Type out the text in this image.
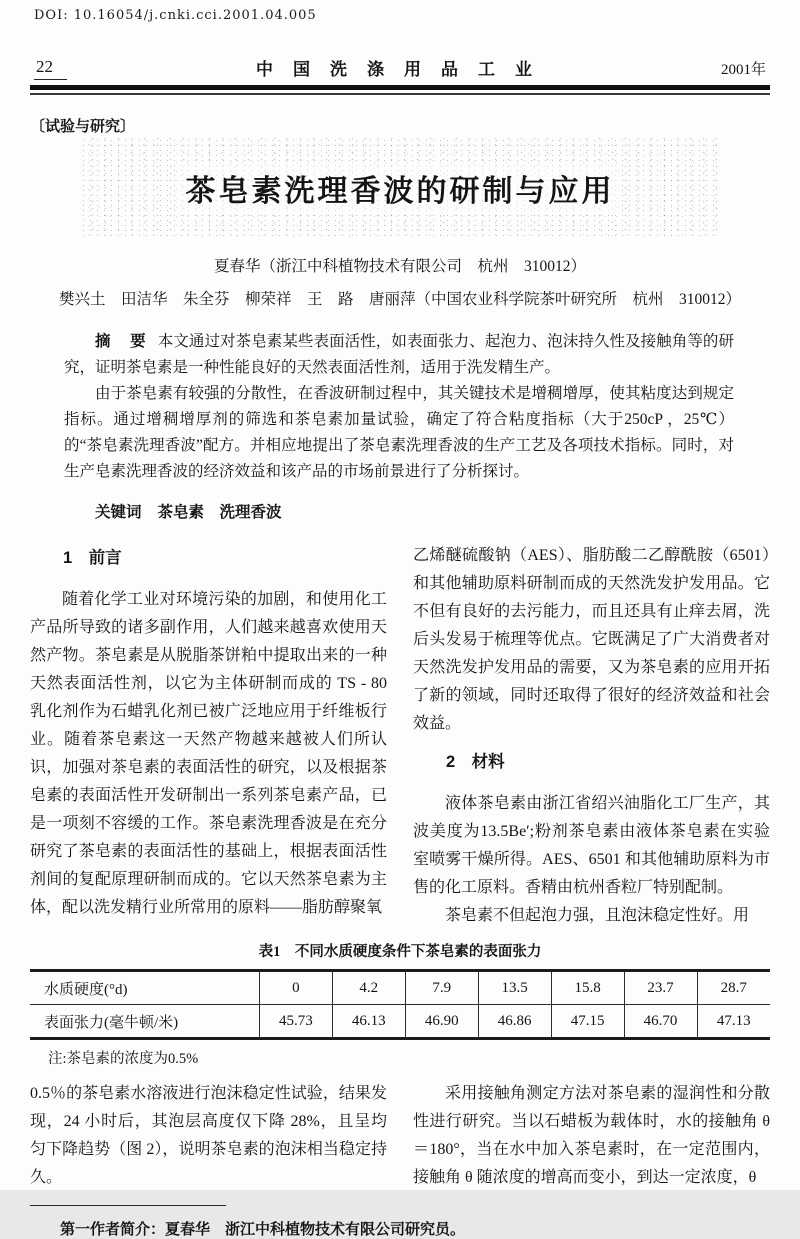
DOI: 10.16054/j.cnki.cci.2001.04.005
22	中国洗涤用品工业	2001年
〔试验与研究〕
茶皂素洗理香波的研制与应用
夏春华（浙江中科植物技术有限公司　杭州　310012）
樊兴土　田洁华　朱全芬　柳荣祥　王　路　唐丽萍（中国农业科学院茶叶研究所　杭州　310012）

摘　要 本文通过对茶皂素某些表面活性，如表面张力、起泡力、泡沫持久性及接触角等的研究，证明茶皂素是一种性能良好的天然表面活性剂，适用于洗发精生产。

由于茶皂素有较强的分散性，在香波研制过程中，其关键技术是增稠增厚，使其粘度达到规定指标。通过增稠增厚剂的筛选和茶皂素加量试验，确定了符合粘度指标（大于250cP ，25℃）的“茶皂素洗理香波”配方。并相应地提出了茶皂素洗理香波的生产工艺及各项技术指标。同时，对生产皂素洗理香波的经济效益和该产品的市场前景进行了分析探讨。

关键词 茶皂素　洗理香波
1　前言

随着化学工业对环境污染的加剧，和使用化工产品所导致的诸多副作用，人们越来越喜欢使用天然产物。茶皂素是从脱脂茶饼粕中提取出来的一种天然表面活性剂，以它为主体研制而成的 TS - 80 乳化剂作为石蜡乳化剂已被广泛地应用于纤维板行业。随着茶皂素这一天然产物越来越被人们所认识，加强对茶皂素的表面活性的研究，以及根据茶皂素的表面活性开发研制出一系列茶皂素产品，已是一项刻不容缓的工作。茶皂素洗理香波是在充分研究了茶皂素的表面活性的基础上，根据表面活性剂间的复配原理研制而成的。它以天然茶皂素为主体，配以洗发精行业所常用的原料——脂肪醇聚氧

乙烯醚硫酸钠（AES）、脂肪酸二乙醇酰胺（6501）和其他辅助原料研制而成的天然洗发护发用品。它不但有良好的去污能力，而且还具有止痒去屑，洗后头发易于梳理等优点。它既满足了广大消费者对天然洗发护发用品的需要，又为茶皂素的应用开拓了新的领域，同时还取得了很好的经济效益和社会效益。

2　材料

液体茶皂素由浙江省绍兴油脂化工厂生产，其波美度为13.5Be′;粉剂茶皂素由液体茶皂素在实验室喷雾干燥所得。AES、6501 和其他辅助原料为市售的化工原料。香精由杭州香粒厂特别配制。

茶皂素不但起泡力强，且泡沫稳定性好。用

表1　不同水质硬度条件下茶皂素的表面张力
水质硬度(°d)	0	4.2	7.9	13.5	15.8	23.7	28.7
表面张力(毫牛顿/米)	45.73	46.13	46.90	46.86	47.15	46.70	47.13
注:茶皂素的浓度为0.5%

0.5％的茶皂素水溶液进行泡沫稳定性试验，结果发现，24 小时后，其泡层高度仅下降 28%，且呈均匀下降趋势（图 2），说明茶皂素的泡沫相当稳定持久。

采用接触角测定方法对茶皂素的湿润性和分散性进行研究。当以石蜡板为载体时，水的接触角 θ＝180°，当在水中加入茶皂素时，在一定范围内，接触角 θ 随浓度的增高而变小，到达一定浓度，θ

第一作者简介：夏春华　浙江中科植物技术有限公司研究员。
